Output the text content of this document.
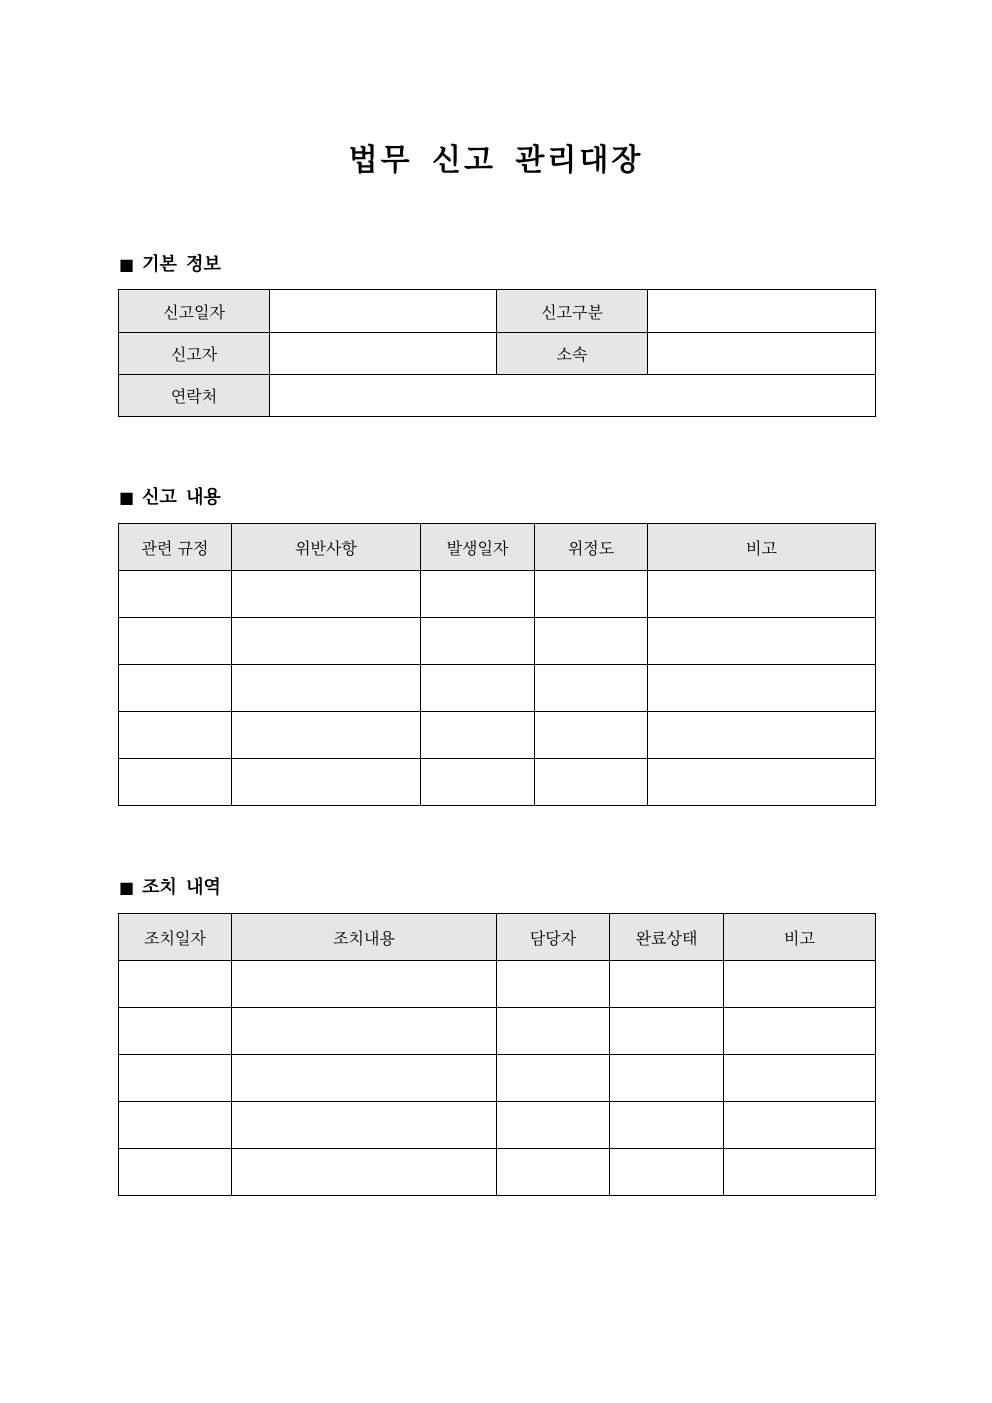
법무 신고 관리대장
■ 기본 정보
신고일자		신고구분	
신고자		소속	
연락처			
■ 신고 내용
관련 규정	위반사항	발생일자	위정도	비고

■ 조치 내역
조치일자	조치내용	담당자	완료상태	비고
